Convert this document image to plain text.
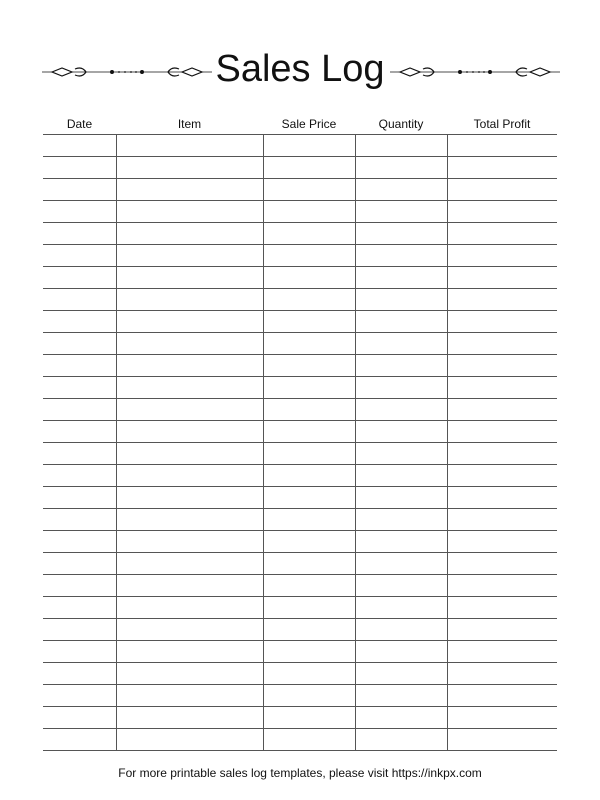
Sales Log
Date	Item	Sale Price	Quantity	Total Profit

For more printable sales log templates, please visit https://inkpx.com
